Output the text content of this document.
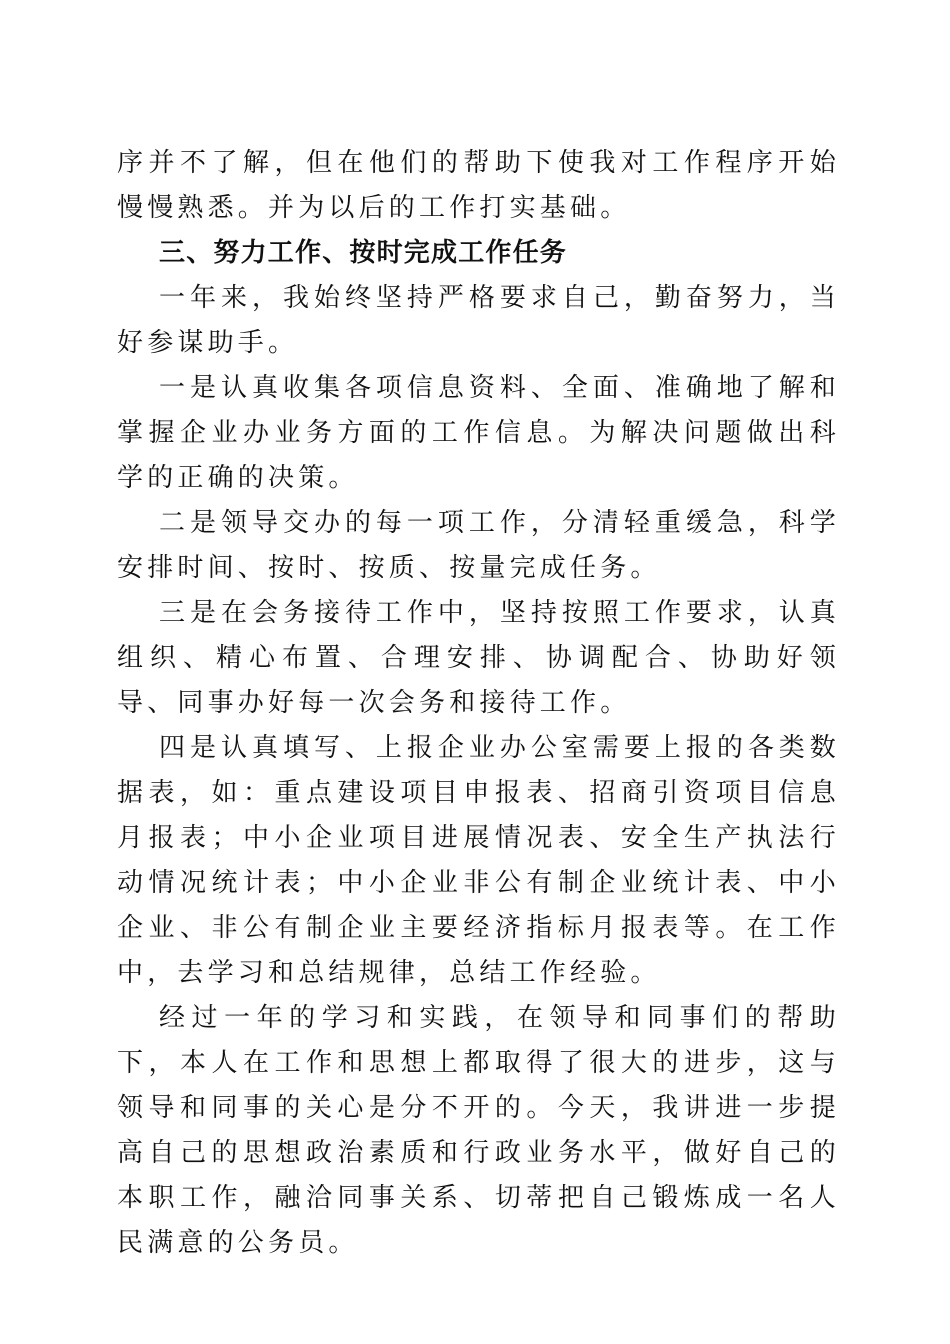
序并不了解，但在他们的帮助下使我对工作程序开始慢慢熟悉。并为以后的工作打实基础。

三、努力工作、按时完成工作任务

一年来，我始终坚持严格要求自己，勤奋努力，当好参谋助手。

一是认真收集各项信息资料、全面、准确地了解和掌握企业办业务方面的工作信息。为解决问题做出科学的正确的决策。

二是领导交办的每一项工作，分清轻重缓急，科学安排时间、按时、按质、按量完成任务。

三是在会务接待工作中，坚持按照工作要求，认真组织、精心布置、合理安排、协调配合、协助好领导、同事办好每一次会务和接待工作。

四是认真填写、上报企业办公室需要上报的各类数据表，如：重点建设项目申报表、招商引资项目信息月报表；中小企业项目进展情况表、安全生产执法行动情况统计表；中小企业非公有制企业统计表、中小企业、非公有制企业主要经济指标月报表等。在工作中，去学习和总结规律，总结工作经验。

经过一年的学习和实践，在领导和同事们的帮助下，本人在工作和思想上都取得了很大的进步，这与领导和同事的关心是分不开的。今天，我讲进一步提高自己的思想政治素质和行政业务水平，做好自己的本职工作，融洽同事关系、切蒂把自己锻炼成一名人民满意的公务员。
